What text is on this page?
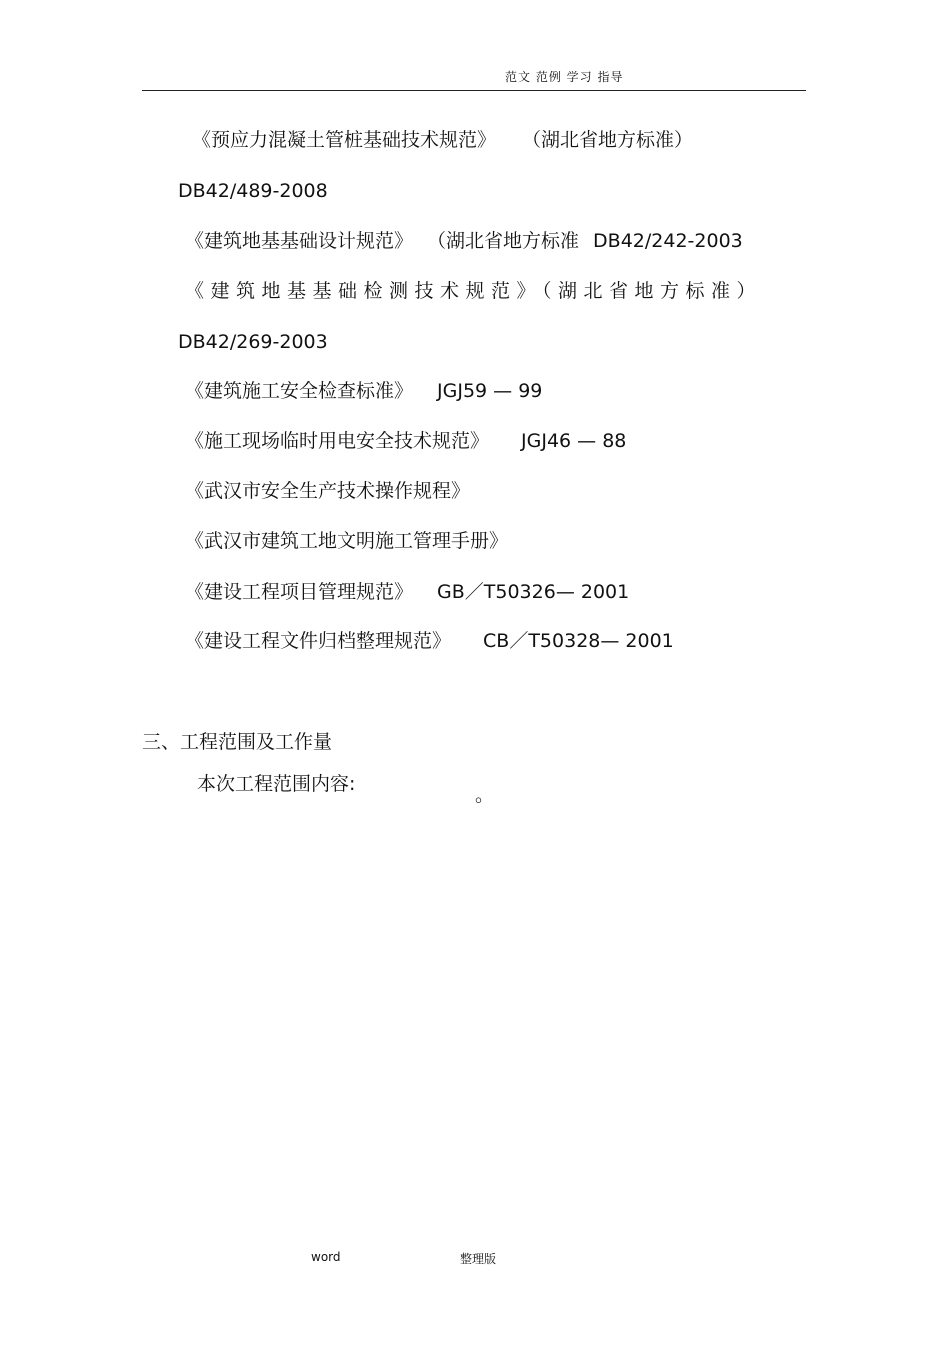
范文 范例 学习 指导
《预应力混凝土管桩基础技术规范》 （湖北省地方标准）
DB42/489-2008
《建筑地基基础设计规范》 （湖北省地方标准 DB42/242-2003
《建筑地基基础检测技术规范》（湖北省地方标准）
DB42/269-2003
《建筑施工安全检查标准》 JGJ59 — 99
《施工现场临时用电安全技术规范》 JGJ46 — 88
《武汉市安全生产技术操作规程》
《武汉市建筑工地文明施工管理手册》
《建设工程项目管理规范》 GB／T50326— 2001
《建设工程文件归档整理规范》 CB／T50328— 2001
三、工程范围及工作量
本次工程范围内容:	。
word	整理版
